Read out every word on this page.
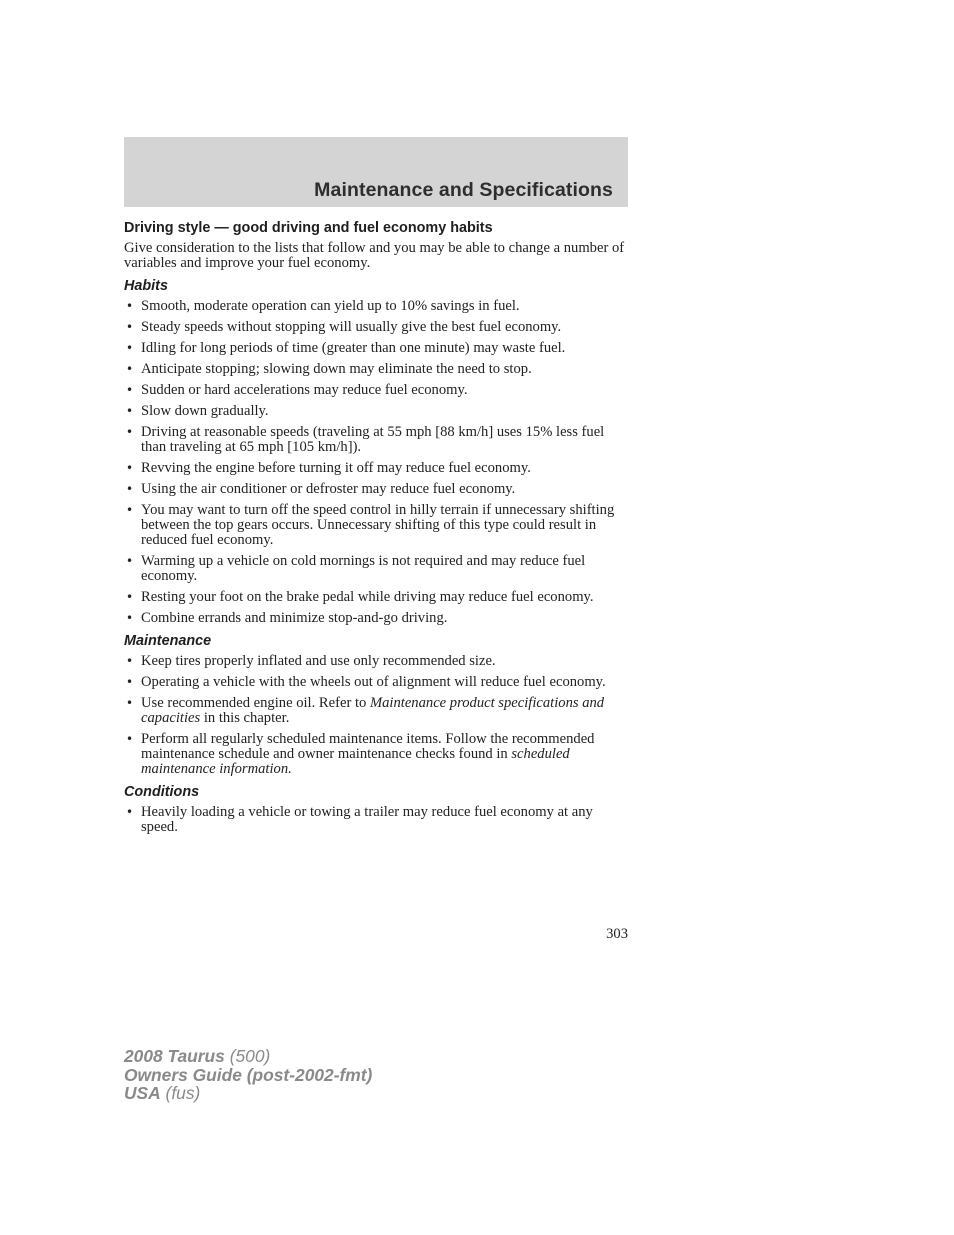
Maintenance and Specifications
Driving style — good driving and fuel economy habits

Give consideration to the lists that follow and you may be able to change a number of variables and improve your fuel economy.

Habits
• Smooth, moderate operation can yield up to 10% savings in fuel.
• Steady speeds without stopping will usually give the best fuel economy.
• Idling for long periods of time (greater than one minute) may waste fuel.
• Anticipate stopping; slowing down may eliminate the need to stop.
• Sudden or hard accelerations may reduce fuel economy.
• Slow down gradually.
• Driving at reasonable speeds (traveling at 55 mph [88 km/h] uses 15% less fuel than traveling at 65 mph [105 km/h]).
• Revving the engine before turning it off may reduce fuel economy.
• Using the air conditioner or defroster may reduce fuel economy.
• You may want to turn off the speed control in hilly terrain if unnecessary shifting between the top gears occurs. Unnecessary shifting of this type could result in reduced fuel economy.
• Warming up a vehicle on cold mornings is not required and may reduce fuel economy.
• Resting your foot on the brake pedal while driving may reduce fuel economy.
• Combine errands and minimize stop-and-go driving.
Maintenance
• Keep tires properly inflated and use only recommended size.
• Operating a vehicle with the wheels out of alignment will reduce fuel economy.
• Use recommended engine oil. Refer to Maintenance product specifications and capacities in this chapter.
• Perform all regularly scheduled maintenance items. Follow the recommended maintenance schedule and owner maintenance checks found in scheduled maintenance information.
Conditions
• Heavily loading a vehicle or towing a trailer may reduce fuel economy at any speed.
303
2008 Taurus (500)
Owners Guide (post-2002-fmt)
USA (fus)
